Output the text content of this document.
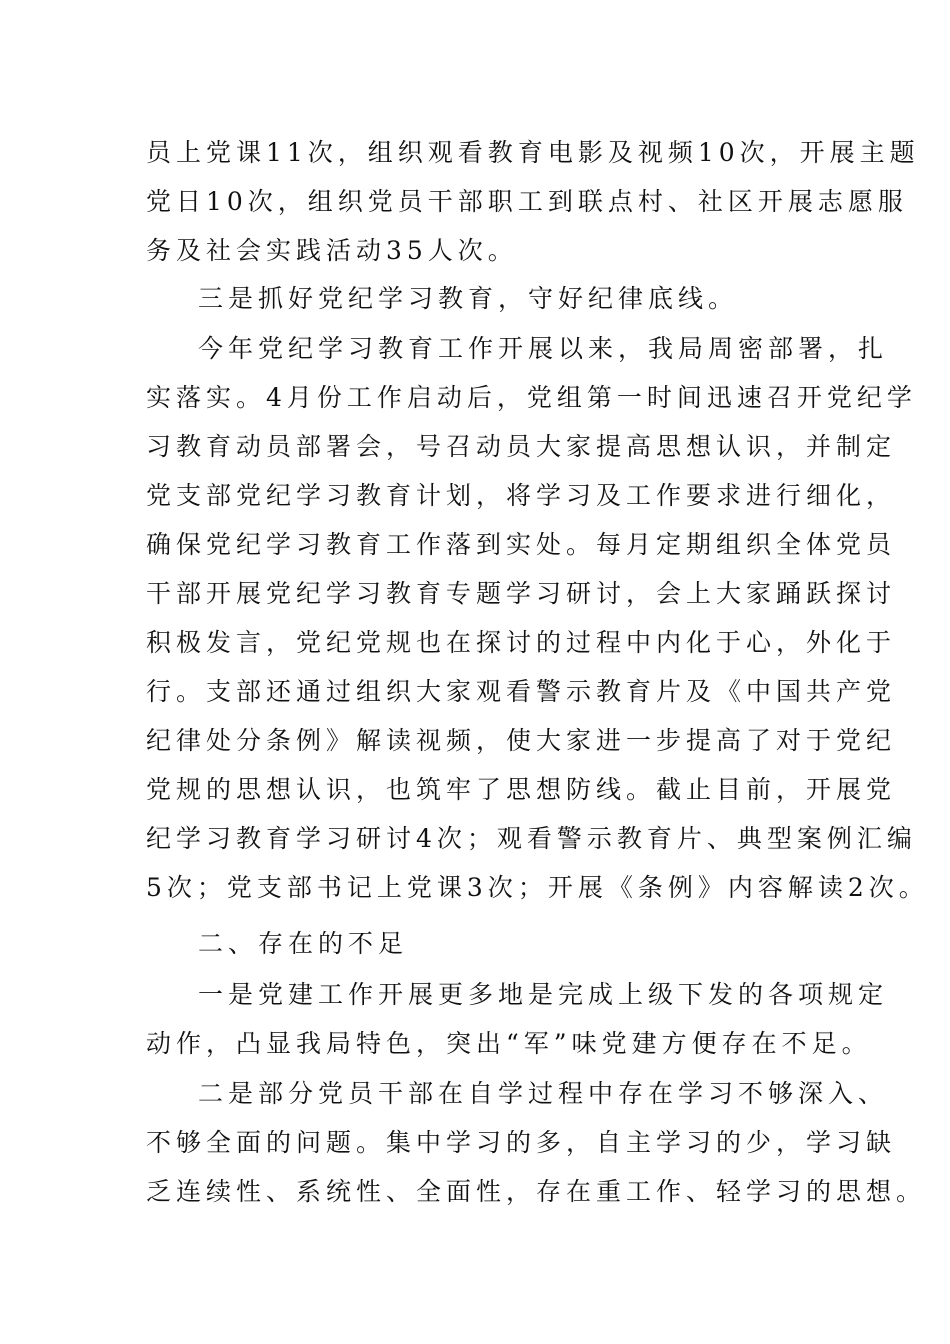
员上党课11次，组织观看教育电影及视频10次，开展主题
党日10次，组织党员干部职工到联点村、社区开展志愿服
务及社会实践活动35人次。

三是抓好党纪学习教育，守好纪律底线。

今年党纪学习教育工作开展以来，我局周密部署，扎
实落实。4月份工作启动后，党组第一时间迅速召开党纪学
习教育动员部署会，号召动员大家提高思想认识，并制定
党支部党纪学习教育计划，将学习及工作要求进行细化，
确保党纪学习教育工作落到实处。每月定期组织全体党员
干部开展党纪学习教育专题学习研讨，会上大家踊跃探讨
积极发言，党纪党规也在探讨的过程中内化于心，外化于
行。支部还通过组织大家观看警示教育片及《中国共产党
纪律处分条例》解读视频，使大家进一步提高了对于党纪
党规的思想认识，也筑牢了思想防线。截止目前，开展党
纪学习教育学习研讨4次；观看警示教育片、典型案例汇编
5次；党支部书记上党课3次；开展《条例》内容解读2次。

二、存在的不足

一是党建工作开展更多地是完成上级下发的各项规定
动作，凸显我局特色，突出“军”味党建方便存在不足。

二是部分党员干部在自学过程中存在学习不够深入、
不够全面的问题。集中学习的多，自主学习的少，学习缺
乏连续性、系统性、全面性，存在重工作、轻学习的思想。
